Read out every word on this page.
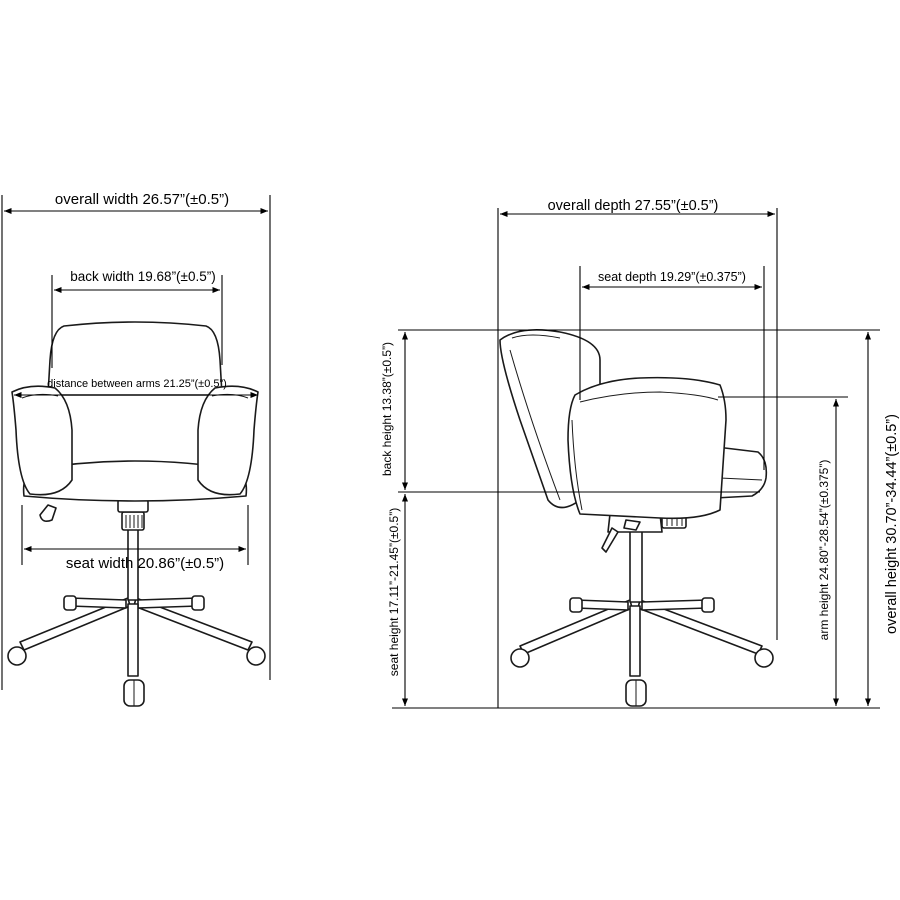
overall width 26.57”(±0.5”)
back width 19.68”(±0.5”)
distance between arms 21.25”(±0.5”)
seat width 20.86”(±0.5”)
overall depth 27.55”(±0.5”)
seat depth 19.29”(±0.375”)
back height 13.38”(±0.5”)
seat height 17.11”-21.45”(±0.5”)	arm height 24.80”-28.54”(±0.375”)	overall height 30.70”-34.44”(±0.5”)
